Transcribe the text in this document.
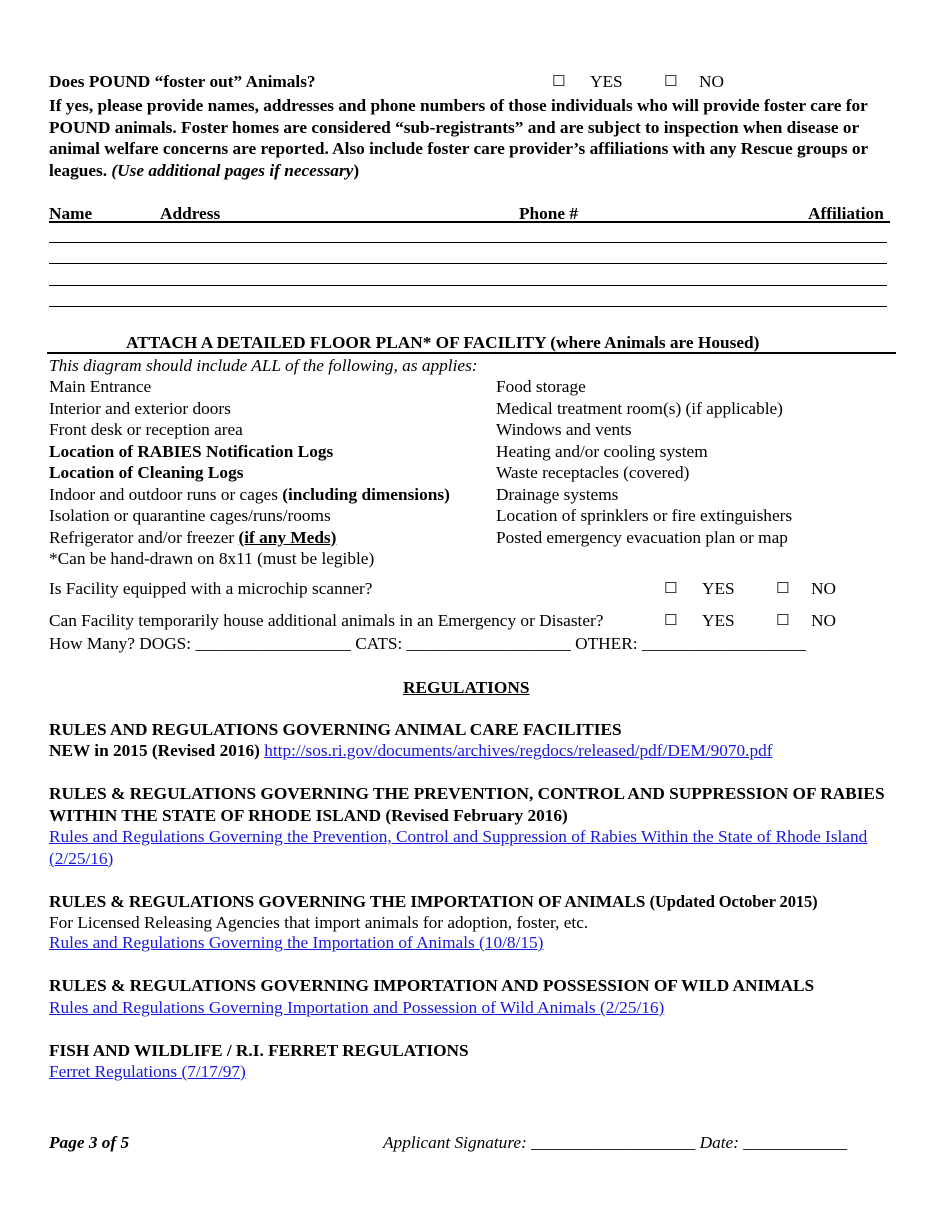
Does POUND “foster out” Animals?	☐ YES	☐ NO
If yes, please provide names, addresses and phone numbers of those individuals who will provide foster care for POUND animals. Foster homes are considered “sub-registrants” and are subject to inspection when disease or animal welfare concerns are reported. Also include foster care provider’s affiliations with any Rescue groups or leagues. (Use additional pages if necessary)
Name	Address	Phone #	Affiliation
ATTACH A DETAILED FLOOR PLAN* OF FACILITY (where Animals are Housed)
This diagram should include ALL of the following, as applies:
Main Entrance
Interior and exterior doors
Front desk or reception area
Location of RABIES Notification Logs
Location of Cleaning Logs
Indoor and outdoor runs or cages (including dimensions)
Isolation or quarantine cages/runs/rooms
Refrigerator and/or freezer (if any Meds)
*Can be hand-drawn on 8x11 (must be legible)
Food storage
Medical treatment room(s) (if applicable)
Windows and vents
Heating and/or cooling system
Waste receptacles (covered)
Drainage systems
Location of sprinklers or fire extinguishers
Posted emergency evacuation plan or map
Is Facility equipped with a microchip scanner?	☐ YES	☐ NO
Can Facility temporarily house additional animals in an Emergency or Disaster?	☐ YES	☐ NO
How Many? DOGS: __________________ CATS: ___________________ OTHER: ___________________
REGULATIONS
RULES AND REGULATIONS GOVERNING ANIMAL CARE FACILITIES
NEW in 2015 (Revised 2016) http://sos.ri.gov/documents/archives/regdocs/released/pdf/DEM/9070.pdf
RULES & REGULATIONS GOVERNING THE PREVENTION, CONTROL AND SUPPRESSION OF RABIES WITHIN THE STATE OF RHODE ISLAND (Revised February 2016)
Rules and Regulations Governing the Prevention, Control and Suppression of Rabies Within the State of Rhode Island (2/25/16)
RULES & REGULATIONS GOVERNING THE IMPORTATION OF ANIMALS (Updated October 2015)
For Licensed Releasing Agencies that import animals for adoption, foster, etc.
Rules and Regulations Governing the Importation of Animals (10/8/15)
RULES & REGULATIONS GOVERNING IMPORTATION AND POSSESSION OF WILD ANIMALS
Rules and Regulations Governing Importation and Possession of Wild Animals (2/25/16)
FISH AND WILDLIFE / R.I. FERRET REGULATIONS
Ferret Regulations (7/17/97)
Page 3 of 5	Applicant Signature: ___________________ Date: ____________
